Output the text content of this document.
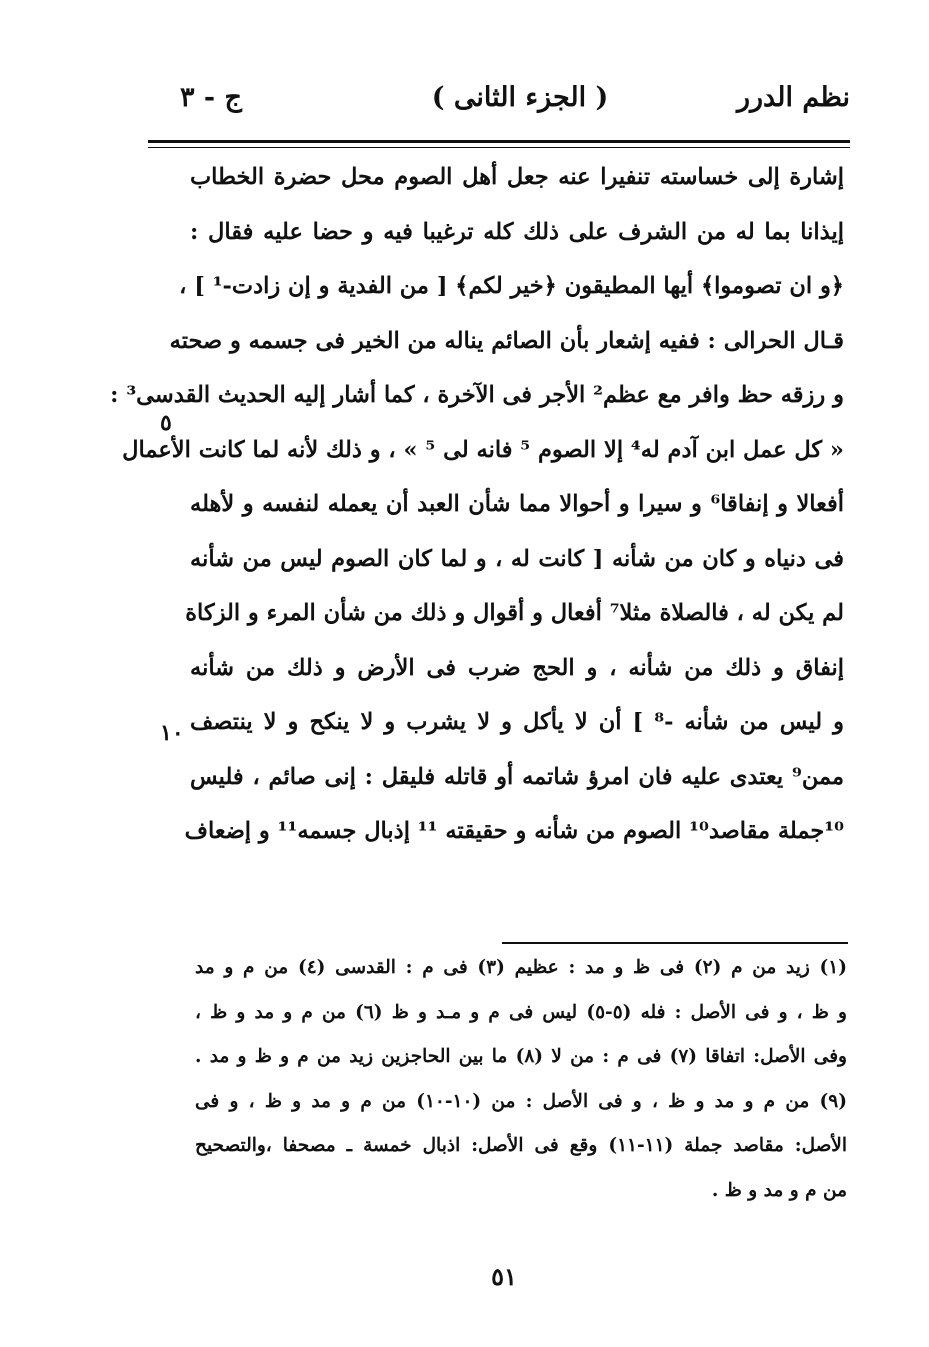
نظم الدرر
( الجزء الثانى )
ج - ٣
إشارة إلى خساسته تنفيرا عنه جعل أهل الصوم محل حضرة الخطاب
إيذانا بما له من الشرف على ذلك كله ترغيبا فيه و حضا عليه فقال :
﴿و ان تصوموا﴾ أيها المطيقون ﴿خير لكم﴾ [ من الفدية و إن زادت-¹ ] ،
قـال الحرالى : ففيه إشعار بأن الصائم يناله من الخير فى جسمه و صحته
و رزقه حظ وافر مع عظم² الأجر فى الآخرة ، كما أشار إليه الحديث القدسى³ :
« كل عمل ابن آدم له⁴ إلا الصوم ⁵ فانه لى ⁵ » ، و ذلك لأنه لما كانت الأعمال
أفعالا و إنفاقا⁶ و سيرا و أحوالا مما شأن العبد أن يعمله لنفسه و لأهله
فى دنياه و كان من شأنه [ كانت له ، و لما كان الصوم ليس من شأنه
لم يكن له ، فالصلاة مثلا⁷ أفعال و أقوال و ذلك من شأن المرء و الزكاة
إنفاق و ذلك من شأنه ، و الحج ضرب فى الأرض و ذلك من شأنه
و ليس من شأنه -⁸ ] أن لا يأكل و لا يشرب و لا ينكح و لا ينتصف
ممن⁹ يعتدى عليه فان امرؤ شاتمه أو قاتله فليقل : إنى صائم ، فليس
¹⁰جملة مقاصد¹⁰ الصوم من شأنه و حقيقته ¹¹ إذبال جسمه¹¹ و إضعاف
٥
١٠
(١) زيد من م (٢) فى ظ و مد : عظيم (٣) فى م : القدسى (٤) من م و مد
و ظ ، و فى الأصل : فله (٥-٥) ليس فى م و مـد و ظ (٦) من م و مد و ظ ،
وفى الأصل: اتفاقا (٧) فى م : من لا (٨) ما بين الحاجزين زيد من م و ظ و مد .
(٩) من م و مد و ظ ، و فى الأصل : من (١٠-١٠) من م و مد و ظ ، و فى
الأصل: مقاصد جملة (١١-١١) وقع فى الأصل: اذبال خمسة ـ مصحفا ،والتصحيح
من م و مد و ظ .
٥١
